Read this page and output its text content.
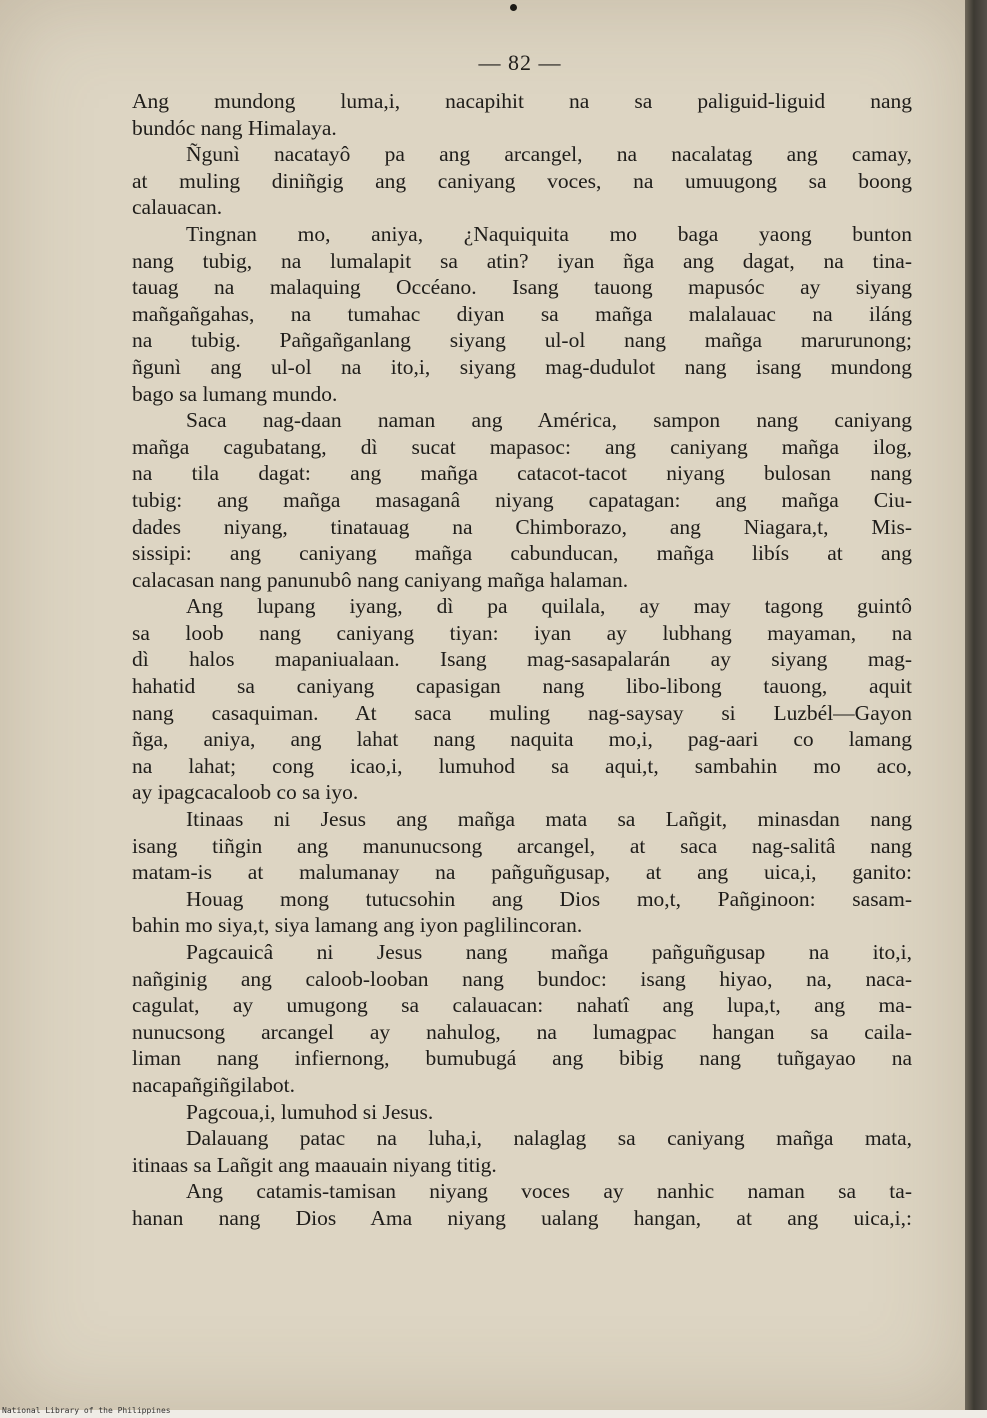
— 82 —
Ang mundong luma,i, nacapihit na sa paliguid-liguid nang
bundóc nang Himalaya.
Ñgunì nacatayô pa ang arcangel, na nacalatag ang camay,
at muling diniñgig ang caniyang voces, na umuugong sa boong
calauacan.
Tingnan mo, aniya, ¿Naquiquita mo baga yaong bunton
nang tubig, na lumalapit sa atin? iyan ñga ang dagat, na tina-
tauag na malaquing Occéano. Isang tauong mapusóc ay siyang
mañgañgahas, na tumahac diyan sa mañga malalauac na iláng
na tubig. Pañgañganlang siyang ul-ol nang mañga marurunong;
ñgunì ang ul-ol na ito,i, siyang mag-dudulot nang isang mundong
bago sa lumang mundo.
Saca nag-daan naman ang América, sampon nang caniyang
mañga cagubatang, dì sucat mapasoc: ang caniyang mañga ilog,
na tila dagat: ang mañga catacot-tacot niyang bulosan nang
tubig: ang mañga masaganâ niyang capatagan: ang mañga Ciu-
dades niyang, tinatauag na Chimborazo, ang Niagara,t, Mis-
sissipi: ang caniyang mañga cabunducan, mañga libís at ang
calacasan nang panunubô nang caniyang mañga halaman.
Ang lupang iyang, dì pa quilala, ay may tagong guintô
sa loob nang caniyang tiyan: iyan ay lubhang mayaman, na
dì halos mapaniualaan. Isang mag-sasapalarán ay siyang mag-
hahatid sa caniyang capasigan nang libo-libong tauong, aquit
nang casaquiman. At saca muling nag-saysay si Luzbél—Gayon
ñga, aniya, ang lahat nang naquita mo,i, pag-aari co lamang
na lahat; cong icao,i, lumuhod sa aqui,t, sambahin mo aco,
ay ipagcacaloob co sa iyo.
Itinaas ni Jesus ang mañga mata sa Lañgit, minasdan nang
isang tiñgin ang manunucsong arcangel, at saca nag-salitâ nang
matam-is at malumanay na pañguñgusap, at ang uica,i, ganito:
Houag mong tutucsohin ang Dios mo,t, Pañginoon: sasam-
bahin mo siya,t, siya lamang ang iyon paglilincoran.
Pagcauicâ ni Jesus nang mañga pañguñgusap na ito,i,
nañginig ang caloob-looban nang bundoc: isang hiyao, na, naca-
cagulat, ay umugong sa calauacan: nahatî ang lupa,t, ang ma-
nunucsong arcangel ay nahulog, na lumagpac hangan sa caila-
liman nang infiernong, bumubugá ang bibig nang tuñgayao na
nacapañgiñgilabot.
Pagcoua,i, lumuhod si Jesus.
Dalauang patac na luha,i, nalaglag sa caniyang mañga mata,
itinaas sa Lañgit ang maauain niyang titig.
Ang catamis-tamisan niyang voces ay nanhic naman sa ta-
hanan nang Dios Ama niyang ualang hangan, at ang uica,i,:
National Library of the Philippines
